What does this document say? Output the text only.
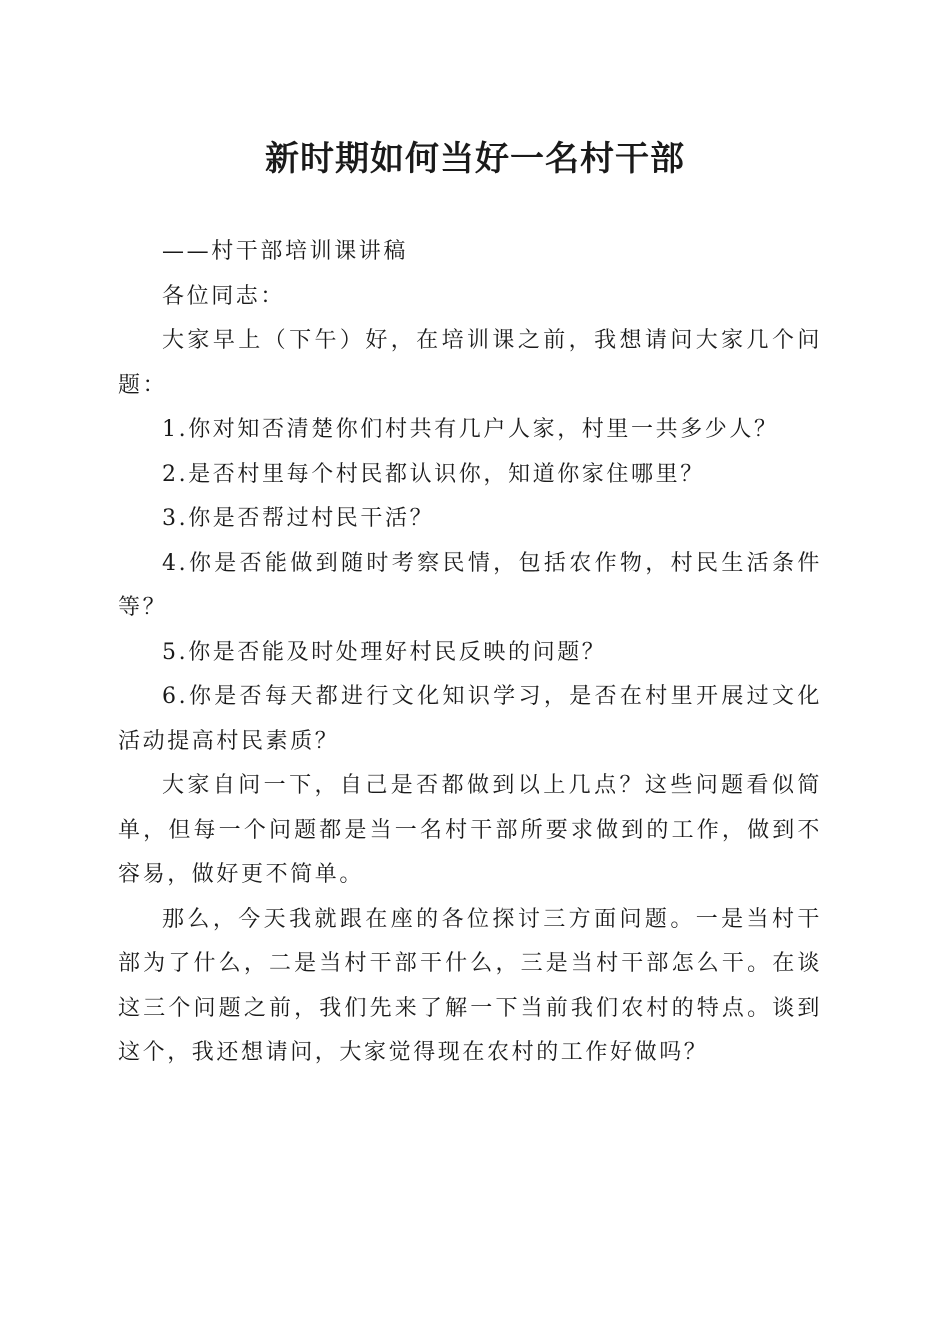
新时期如何当好一名村干部

——村干部培训课讲稿

各位同志：

大家早上（下午）好，在培训课之前，我想请问大家几个问题：

1.你对知否清楚你们村共有几户人家，村里一共多少人？

2.是否村里每个村民都认识你，知道你家住哪里？

3.你是否帮过村民干活？

4.你是否能做到随时考察民情，包括农作物，村民生活条件等？

5.你是否能及时处理好村民反映的问题？

6.你是否每天都进行文化知识学习，是否在村里开展过文化活动提高村民素质？

大家自问一下，自己是否都做到以上几点？这些问题看似简单，但每一个问题都是当一名村干部所要求做到的工作，做到不容易，做好更不简单。

那么，今天我就跟在座的各位探讨三方面问题。一是当村干部为了什么，二是当村干部干什么，三是当村干部怎么干。在谈这三个问题之前，我们先来了解一下当前我们农村的特点。谈到这个，我还想请问，大家觉得现在农村的工作好做吗？
